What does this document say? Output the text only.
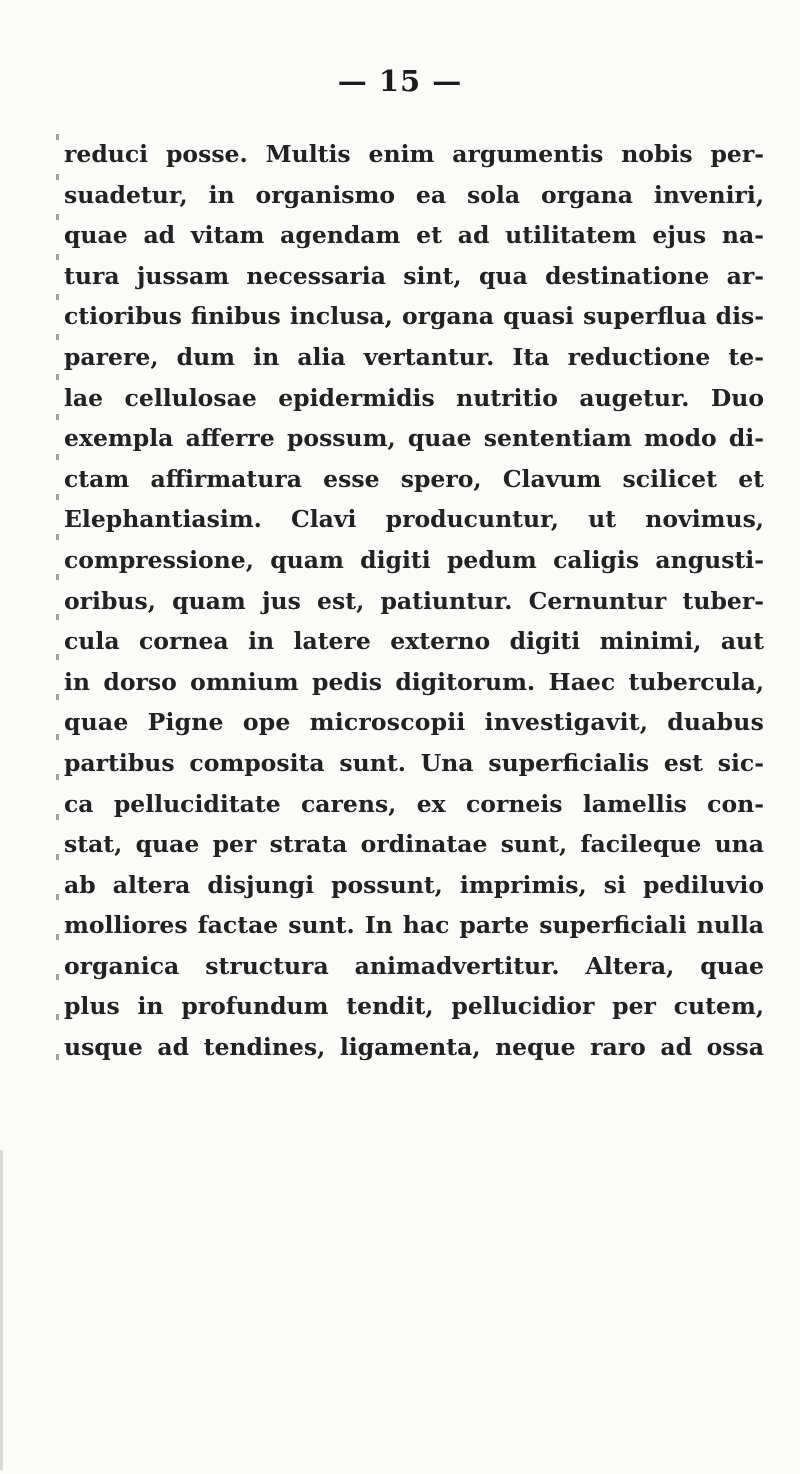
— 15 —
reduci posse. Multis enim argumentis nobis per-
suadetur, in organismo ea sola organa inveniri,
quae ad vitam agendam et ad utilitatem ejus na-
tura jussam necessaria sint, qua destinatione ar-
ctioribus finibus inclusa, organa quasi superflua dis-
parere, dum in alia vertantur. Ita reductione te-
lae cellulosae epidermidis nutritio augetur. Duo
exempla afferre possum, quae sententiam modo di-
ctam affirmatura esse spero, Clavum scilicet et
Elephantiasim. Clavi producuntur, ut novimus,
compressione, quam digiti pedum caligis angusti-
oribus, quam jus est, patiuntur. Cernuntur tuber-
cula cornea in latere externo digiti minimi, aut
in dorso omnium pedis digitorum. Haec tubercula,
quae Pigne ope microscopii investigavit, duabus
partibus composita sunt. Una superficialis est sic-
ca pelluciditate carens, ex corneis lamellis con-
stat, quae per strata ordinatae sunt, facileque una
ab altera disjungi possunt, imprimis, si pediluvio
molliores factae sunt. In hac parte superficiali nulla
organica structura animadvertitur. Altera, quae
plus in profundum tendit, pellucidior per cutem,
usque ad tendines, ligamenta, neque raro ad ossa
